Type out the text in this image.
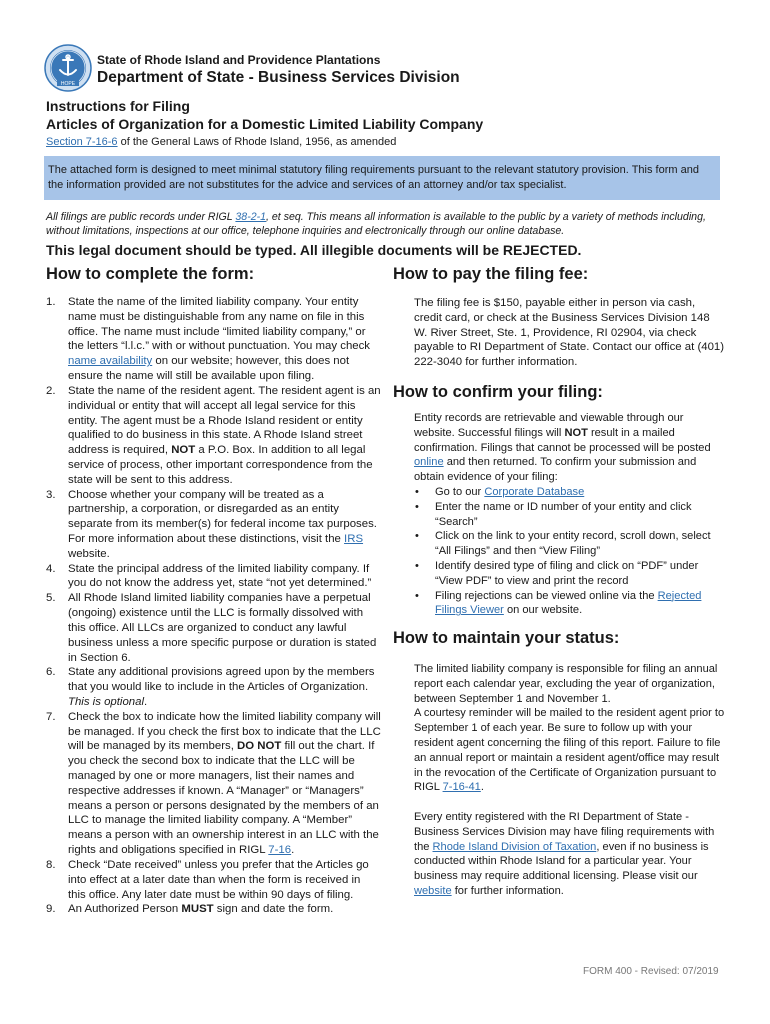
HOPE
State of Rhode Island and Providence Plantations
Department of State - Business Services Division
Instructions for Filing
Articles of Organization for a Domestic Limited Liability Company
Section 7-16-6 of the General Laws of Rhode Island, 1956, as amended
The attached form is designed to meet minimal statutory filing requirements pursuant to the relevant statutory provision. This form and the information provided are not substitutes for the advice and services of an attorney and/or tax specialist.
All filings are public records under RIGL 38-2-1, et seq. This means all information is available to the public by a variety of methods including, without limitations, inspections at our office, telephone inquiries and electronically through our online database.
This legal document should be typed. All illegible documents will be REJECTED.
How to complete the form:
1. State the name of the limited liability company. Your entity name must be distinguishable from any name on file in this office. The name must include “limited liability company,” or the letters “l.l.c.” with or without punctuation. You may check name availability on our website; however, this does not ensure the name will still be available upon filing.
2. State the name of the resident agent. The resident agent is an individual or entity that will accept all legal service for this entity. The agent must be a Rhode Island resident or entity qualified to do business in this state. A Rhode Island street address is required, NOT a P.O. Box. In addition to all legal service of process, other important correspondence from the state will be sent to this address.
3. Choose whether your company will be treated as a partnership, a corporation, or disregarded as an entity separate from its member(s) for federal income tax purposes. For more information about these distinctions, visit the IRS website.
4. State the principal address of the limited liability company. If you do not know the address yet, state “not yet determined.”
5. All Rhode Island limited liability companies have a perpetual (ongoing) existence until the LLC is formally dissolved with this office. All LLCs are organized to conduct any lawful business unless a more specific purpose or duration is stated in Section 6.
6. State any additional provisions agreed upon by the members that you would like to include in the Articles of Organization. This is optional.
7. Check the box to indicate how the limited liability company will be managed. If you check the first box to indicate that the LLC will be managed by its members, DO NOT fill out the chart. If you check the second box to indicate that the LLC will be managed by one or more managers, list their names and respective addresses if known. A “Manager” or “Managers” means a person or persons designated by the members of an LLC to manage the limited liability company. A “Member” means a person with an ownership interest in an LLC with the rights and obligations specified in RIGL 7-16.
8. Check “Date received” unless you prefer that the Articles go into effect at a later date than when the form is received in this office. Any later date must be within 90 days of filing.
9. An Authorized Person MUST sign and date the form.
How to pay the filing fee:
The filing fee is $150, payable either in person via cash, credit card, or check at the Business Services Division 148 W. River Street, Ste. 1, Providence, RI 02904, via check payable to RI Department of State. Contact our office at (401) 222-3040 for further information.
How to confirm your filing:
Entity records are retrievable and viewable through our website. Successful filings will NOT result in a mailed confirmation. Filings that cannot be processed will be posted online and then returned. To confirm your submission and obtain evidence of your filing:
• Go to our Corporate Database
• Enter the name or ID number of your entity and click “Search”
• Click on the link to your entity record, scroll down, select “All Filings” and then “View Filing”
• Identify desired type of filing and click on “PDF” under “View PDF” to view and print the record
• Filing rejections can be viewed online via the Rejected Filings Viewer on our website.
How to maintain your status:
The limited liability company is responsible for filing an annual report each calendar year, excluding the year of organization, between September 1 and November 1.
A courtesy reminder will be mailed to the resident agent prior to September 1 of each year. Be sure to follow up with your resident agent concerning the filing of this report. Failure to file an annual report or maintain a resident agent/office may result in the revocation of the Certificate of Organization pursuant to RIGL 7-16-41.
Every entity registered with the RI Department of State - Business Services Division may have filing requirements with the Rhode Island Division of Taxation, even if no business is conducted within Rhode Island for a particular year. Your business may require additional licensing. Please visit our website for further information.
FORM 400 - Revised: 07/2019
